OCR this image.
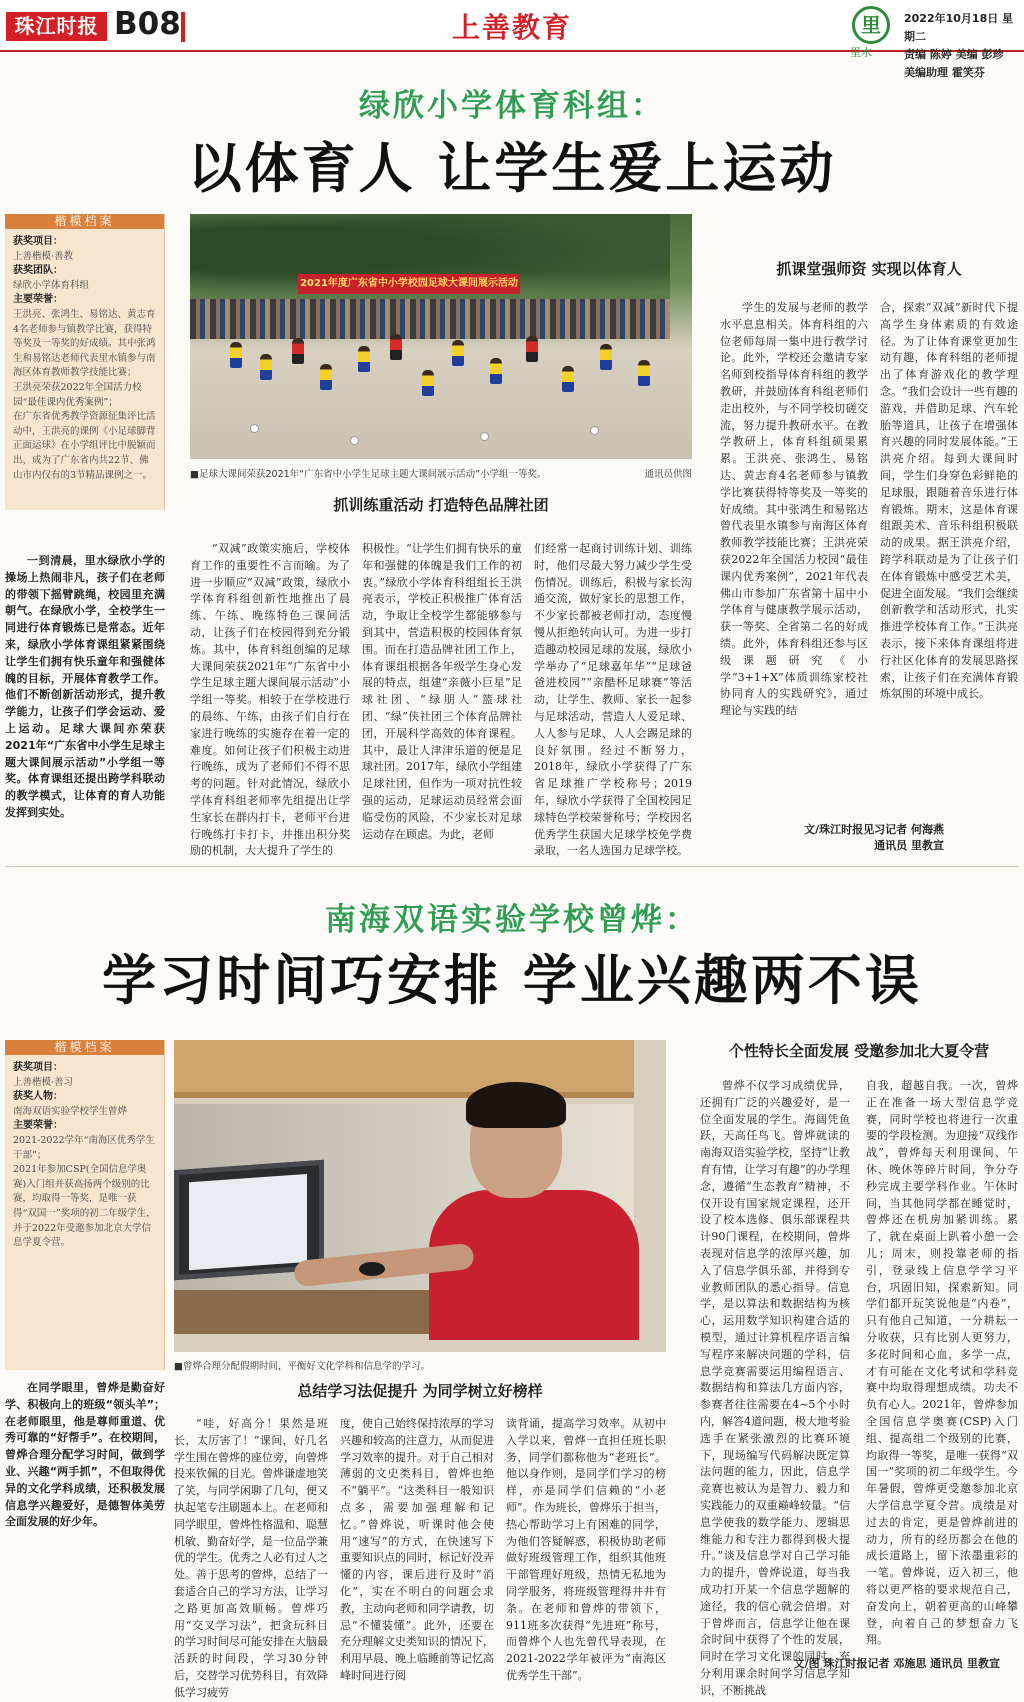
珠江时报 B08	上善教育	里
里水
2022年10月18日 星期二
责编 陈婷 美编 彭珍
美编助理 霍笑芬
绿欣小学体育科组：
以体育人 让学生爱上运动
楷模档案
获奖项目：
上善楷模·善教
获奖团队：
绿欣小学体育科组
主要荣誉：
王洪亮、张鸿生、易铭达、黄志育4名老师参与镇教学比赛，获得特等奖及一等奖的好成绩。其中张鸿生和易铭达老师代表里水镇参与南海区体育教师教学技能比赛；
王洪亮荣获2022年全国活力校园“最佳课内优秀案例”；
在广东省优秀教学资源征集评比活动中，王洪亮的课例《小足球脚背正面运球》在小学组评比中脱颖而出，成为了广东省内共22节、佛山市内仅有的3节精品课例之一。
2021年度广东省中小学校园足球大课间展示活动
■足球大课间荣获2021年“广东省中小学生足球主题大课间展示活动”小学组一等奖。	通讯员供图
抓训练重活动 打造特色品牌社团
抓课堂强师资 实现以体育人
一到清晨，里水绿欣小学的操场上热闹非凡，孩子们在老师的带领下摇臂跳绳，校园里充满朝气。在绿欣小学，全校学生一同进行体育锻炼已是常态。近年来，绿欣小学体育课组紧紧围绕让学生们拥有快乐童年和强健体魄的目标，开展体育教学工作。他们不断创新活动形式，提升教学能力，让孩子们学会运动、爱上运动。足球大课间亦荣获2021年“广东省中小学生足球主题大课间展示活动”小学组一等奖。体育课组还提出跨学科联动的教学模式，让体育的育人功能发挥到实处。
“双减”政策实施后，学校体育工作的重要性不言而喻。为了进一步顺应“双减”政策，绿欣小学体育科组创新性地推出了晨练、午练、晚练特色三课间活动，让孩子们在校园得到充分锻炼。其中，体育科组创编的足球大课间荣获2021年“广东省中小学生足球主题大课间展示活动”小学组一等奖。相较于在学校进行的晨练、午练，由孩子们自行在家进行晚练的实施存在着一定的难度。如何让孩子们积极主动进行晚练，成为了老师们不得不思考的问题。针对此情况，绿欣小学体育科组老师率先组提出让学生家长在群内打卡，老师平台进行晚练打卡打卡，并推出积分奖励的机制，大大提升了学生的
积极性。“让学生们拥有快乐的童年和强健的体魄是我们工作的初衷。”绿欣小学体育科组组长王洪亮表示，学校正积极推广体育活动，争取让全校学生都能够参与到其中，营造积极的校园体育氛围。而在打造品牌社团工作上，体育课组根据各年级学生身心发展的特点，组建“亲薇小巨星”足球社团、“绿朋人”篮球社团、“绿”侠社团三个体育品牌社团，开展科学高效的体育课程。其中，最让人津津乐道的便是足球社团。2017年，绿欣小学组建足球社团，但作为一项对抗性较强的运动，足球运动员经常会面临受伤的风险，不少家长对足球运动存在顾虑。为此，老师
们经常一起商讨训练计划、训练时，他们尽最大努力减少学生受伤情况。训练后，积极与家长沟通交流，做好家长的思想工作，不少家长都被老师打动，态度慢慢从拒绝转向认可。为进一步打造趣动校园足球的发展，绿欣小学举办了“足球嘉年华”“足球爸爸进校园”“亲酷杯足球赛”等活动，让学生、教师、家长一起参与足球活动，营造人人爱足球、人人参与足球、人人会踢足球的良好氛围。经过不断努力，2018年，绿欣小学获得了广东省足球推广学校称号；2019年，绿欣小学获得了全国校园足球特色学校荣誉称号；学校因名优秀学生获国大足球学校免学费录取，一名人选国力足球学校。
学生的发展与老师的教学水平息息相关。体育科组的六位老师每周一集中进行教学讨论。此外，学校还会邀请专家名师到校指导体育科组的教学教研，并鼓励体育科组老师们走出校外，与不同学校切磋交流，努力提升教研水平。在教学教研上，体育科组硕果累累。王洪亮、张鸿生、易铭达、黄志育4名老师参与镇教学比赛获得特等奖及一等奖的好成绩。其中张鸿生和易铭达曾代表里水镇参与南海区体育教师教学技能比赛；王洪亮荣获2022年全国活力校园“最佳课内优秀案例”，2021年代表佛山市参加广东省第十届中小学体育与健康教学展示活动，获一等奖、全省第二名的好成绩。此外，体育科组还参与区级课题研究《小学“3+1+X”体质训练家校社协同育人的实践研究》，通过理论与实践的结
合，探索“双减”新时代下提高学生身体素质的有效途径。为了让体育课堂更加生动有趣，体育科组的老师提出了体育游戏化的教学理念。“我们会设计一些有趣的游戏，并借助足球、汽车轮胎等道具，让孩子在增强体育兴趣的同时发展体能。”王洪亮介绍。每到大课间时间，学生们身穿色彩鲜艳的足球服，跟随着音乐进行体育锻炼。期末，这是体育课组跟美术、音乐科组积极联动的成果。据王洪亮介绍，跨学科联动是为了让孩子们在体育锻炼中感受艺术美，促进全面发展。“我们会继续创新教学和活动形式，扎实推进学校体育工作。”王洪亮表示，接下来体育课组将进行社区化体育的发展思路探索，让孩子们在充满体育锻炼氛围的环境中成长。
文/珠江时报见习记者 何海燕
通讯员 里教宣
南海双语实验学校曾烨：
学习时间巧安排 学业兴趣两不误
楷模档案
获奖项目：
上善楷模·善习
获奖人物：
南海双语实验学校学生曾烨
主要荣誉：
2021-2022学年“南海区优秀学生干部”；
2021年参加CSP(全国信息学奥赛)入门组并获高扬两个级别的比赛，均取得一等奖，是唯一获得“双国一”奖项的初二年级学生，并于2022年受邀参加北京大学信息学夏令营。
■曾烨合理分配假期时间，平衡好文化学科和信息学的学习。
总结学习法促提升 为同学树立好榜样
个性特长全面发展 受邀参加北大夏令营
在同学眼里，曾烨是勤奋好学、积极向上的班级“领头羊”；在老师眼里，他是尊师重道、优秀可靠的“好帮手”。在校期间，曾烨合理分配学习时间，做到学业、兴趣“两手抓”，不但取得优异的文化学科成绩，还积极发展信息学兴趣爱好，是德智体美劳全面发展的好少年。
“哇，好高分！果然是班长，太厉害了！”课间，好几名学生围在曾烨的座位旁，向曾烨投来钦佩的目光。曾烨谦虚地笑了笑，与同学闲聊了几句，便又执起笔专注刷题本上。在老师和同学眼里，曾烨性格温和、聪慧机敏、勤奋好学，是一位品学兼优的学生。优秀之人必有过人之处。善于思考的曾烨，总结了一套适合自己的学习方法，让学习之路更加高效顺畅。曾烨巧用“交叉学习法”，把贪玩科目的学习时间尽可能安排在大脑最活跃的时间段，学习30分钟后，交替学习优势科目，有效降低学习疲劳
度，使自己始终保持浓厚的学习兴趣和较高的注意力，从而促进学习效率的提升。对于自己相对薄弱的文史类科目，曾烨也绝不“躺平”。“这类科目一般知识点多，需要加强理解和记忆。”曾烨说，听课时他会使用“速写”的方式，在快速写下重要知识点的同时，标记好没弄懂的内容，课后进行及时“消化”，实在不明白的问题会求教，主动向老师和同学请教，切忌“不懂装懂”。此外，还要在充分理解文史类知识的情况下，利用早晨、晚上临睡前等记忆高峰时间进行阅
读背诵，提高学习效率。从初中入学以来，曾烨一直担任班长职务，同学们都称他为“老班长”。他以身作则，是同学们学习的榜样，亦是同学们信赖的“小老师”。作为班长，曾烨乐于担当，热心帮助学习上有困难的同学，为他们答疑解惑，积极协助老师做好班级管理工作，组织其他班干部管理好班级，热情无私地为同学服务，将班级管理得井井有条。在老师和曾烨的带领下，911班多次获得“先进班”称号，而曾烨个人也先曾代导表现，在2021-2022学年被评为“南海区优秀学生干部”。
曾烨不仅学习成绩优异，还拥有广泛的兴趣爱好，是一位全面发展的学生。海阔凭鱼跃，天高任鸟飞。曾烨就读的南海双语实验学校，坚持“让教育有情，让学习有趣”的办学理念，遵循“生态教育”精神，不仅开设有国家规定课程，还开设了校本选修、俱乐部课程共计90门课程，在校期间，曾烨表现对信息学的浓厚兴趣，加入了信息学俱乐部，并得到专业教师团队的悉心指导。信息学，是以算法和数据结构为核心，运用数学知识构建合适的模型，通过计算机程序语言编写程序来解决问题的学科，信息学竞赛需要运用编程语言、数据结构和算法几方面内容，参赛者往往需要在4~5个小时内，解答4道问题，极大地考验选手在紧张激烈的比赛环境下，现场编写代码解决既定算法问题的能力，因此，信息学竞赛也被认为是智力、毅力和实践能力的双重巅峰较量。“信息学使我的数学能力、逻辑思维能力和专注力都得到极大提升。”谈及信息学对自己学习能力的提升，曾烨说道，每当我成功打开某一个信息学题解的途径，我的信心就会倍增。对于曾烨而言，信息学让他在课余时间中获得了个性的发展，同时在学习文化课的同时，充分利用课余时间学习信息学知识，不断挑战
自我，超越自我。一次，曾烨正在准备一场大型信息学竞赛，同时学校也将进行一次重要的学段检测。为迎接“双线作战”，曾烨每天利用课间、午休、晚休等碎片时间，争分夺秒完成主要学科作业。午休时间，当其他同学都在睡觉时，曾烨还在机房加紧训练。累了，就在桌面上趴着小憩一会儿；周末，则投靠老师的指引，登录线上信息学学习平台，巩固旧知，探索新知。同学们都开玩笑说他是“内卷”，只有他自己知道，一分耕耘一分收获，只有比别人更努力，多花时间和心血，多学一点，才有可能在文化考试和学科竞赛中均取得理想成绩。功夫不负有心人。2021年，曾烨参加全国信息学奥赛(CSP)入门组、提高组二个级别的比赛，均取得一等奖，是唯一获得“双国一”奖项的初二年级学生。今年暑假，曾烨更受邀参加北京大学信息学夏令营。成绩是对过去的肯定，更是曾烨前进的动力，所有的经历都会在他的成长道路上，留下浓墨重彩的一笔。曾烨说，迈入初三，他将以更严格的要求规范自己，奋发向上，朝着更高的山峰攀登，向着自己的梦想奋力飞翔。
文/图 珠江时报记者 邓施思 通讯员 里教宣
